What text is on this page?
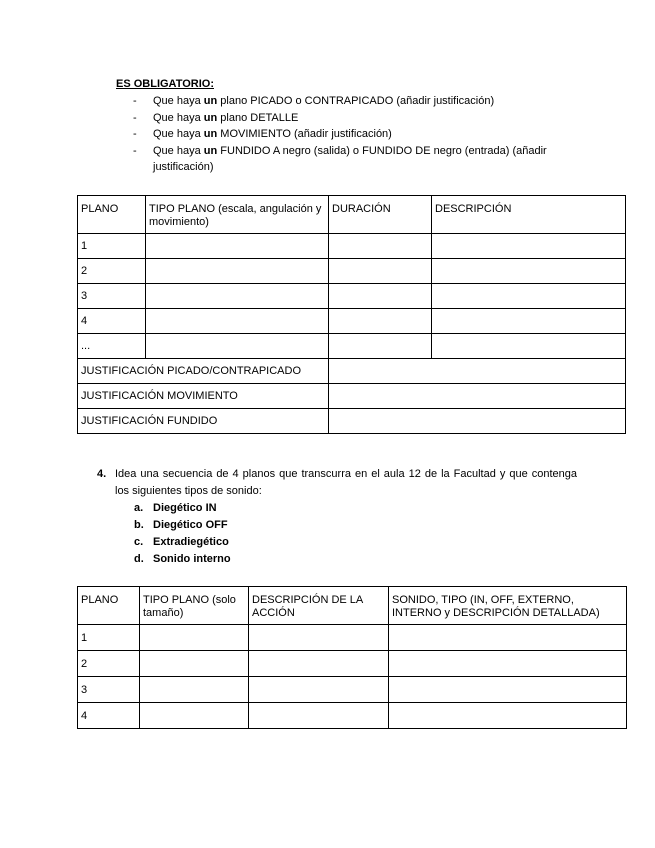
ES OBLIGATORIO:
- Que haya un plano PICADO o CONTRAPICADO (añadir justificación)
- Que haya un plano DETALLE
- Que haya un MOVIMIENTO (añadir justificación)
- Que haya un FUNDIDO A negro (salida) o FUNDIDO DE negro (entrada) (añadir justificación)
PLANO	TIPO PLANO (escala, angulación y movimiento)	DURACIÓN	DESCRIPCIÓN
1			
2			
3			
4			
...			
JUSTIFICACIÓN PICADO/CONTRAPICADO			
JUSTIFICACIÓN MOVIMIENTO			
JUSTIFICACIÓN FUNDIDO			
4. Idea una secuencia de 4 planos que transcurra en el aula 12 de la Facultad y que contenga los siguientes tipos de sonido:
a. Diegético IN
b. Diegético OFF
c. Extradiegético
d. Sonido interno
PLANO	TIPO PLANO (solo tamaño)	DESCRIPCIÓN DE LA ACCIÓN	SONIDO, TIPO (IN, OFF, EXTERNO, INTERNO y DESCRIPCIÓN DETALLADA)
1			
2			
3			
4			
